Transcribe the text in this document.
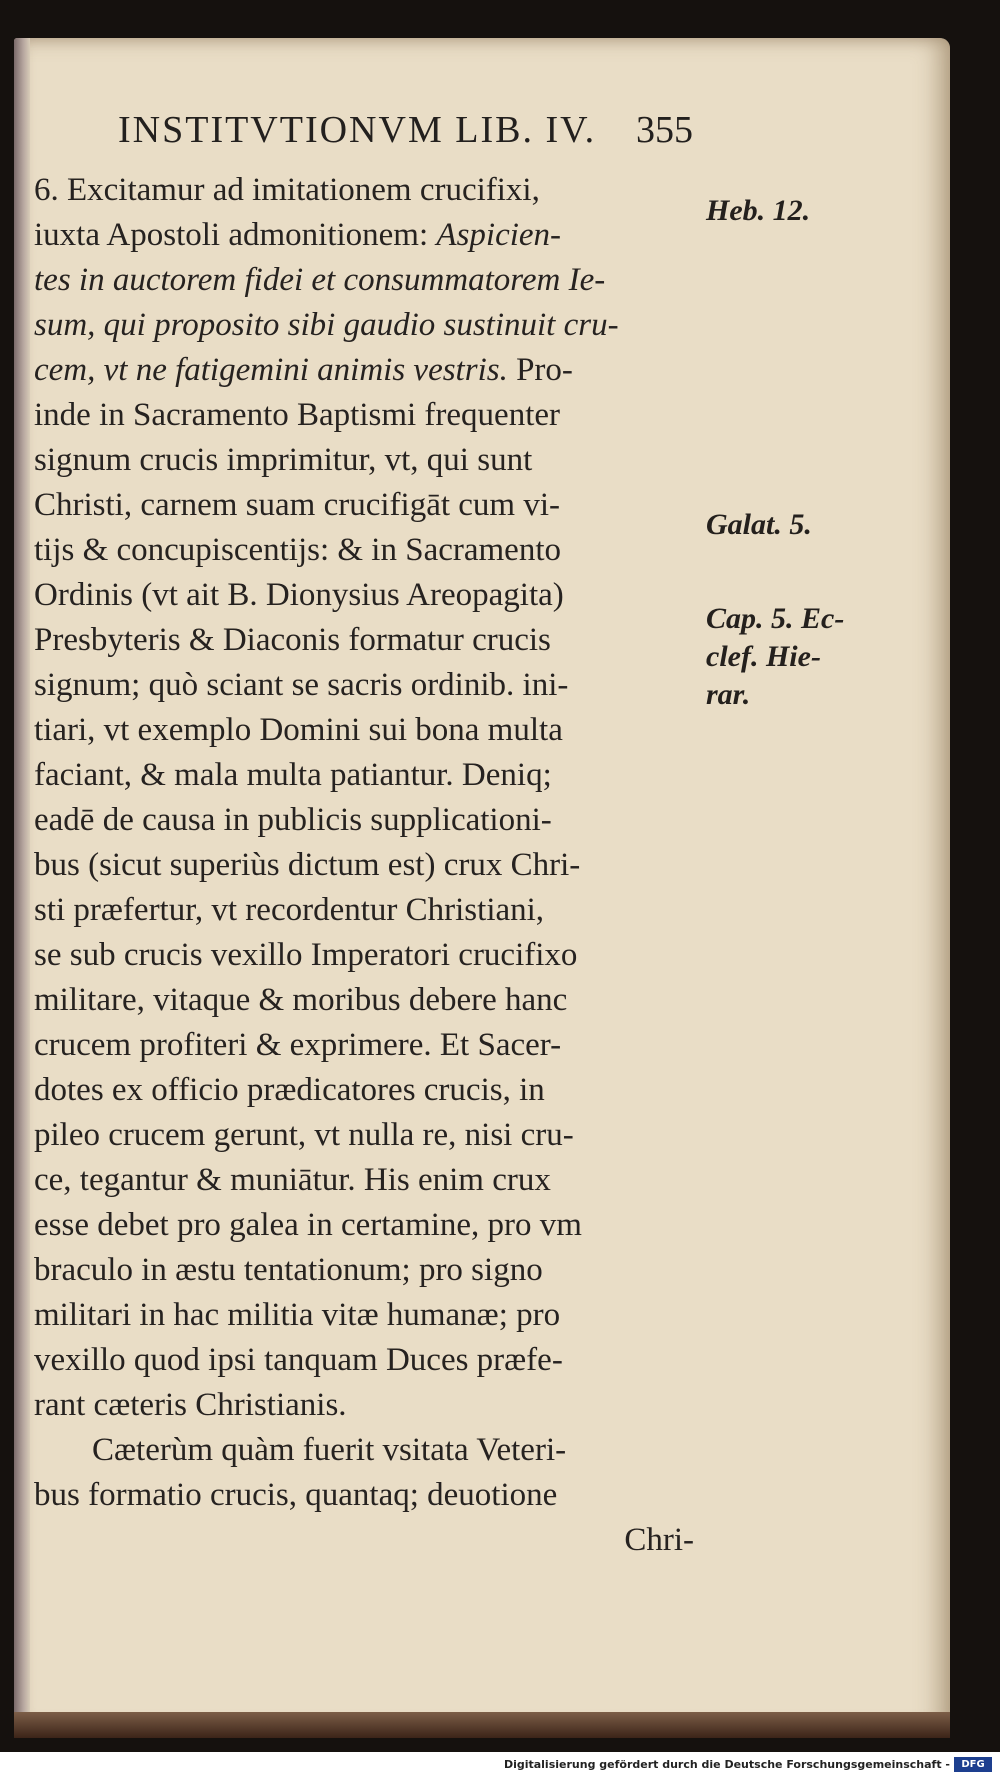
INSTITVTIONVM LIB. IV.	355
6. Excitamur ad imitationem crucifixi,
iuxta Apostoli admonitionem: Aspicien-
tes in auctorem fidei et consummatorem Ie-
sum, qui proposito sibi gaudio sustinuit cru-
cem, vt ne fatigemini animis vestris. Pro-
inde in Sacramento Baptismi frequenter
signum crucis imprimitur, vt, qui sunt
Christi, carnem suam crucifigāt cum vi-
tijs & concupiscentijs: & in Sacramento
Ordinis (vt ait B. Dionysius Areopagita)
Presbyteris & Diaconis formatur crucis
signum; quò sciant se sacris ordinib. ini-
tiari, vt exemplo Domini sui bona multa
faciant, & mala multa patiantur. Deniq;
eadē de causa in publicis supplicationi-
bus (sicut superiùs dictum est) crux Chri-
sti præfertur, vt recordentur Christiani,
se sub crucis vexillo Imperatori crucifixo
militare, vitaque & moribus debere hanc
crucem profiteri & exprimere. Et Sacer-
dotes ex officio prædicatores crucis, in
pileo crucem gerunt, vt nulla re, nisi cru-
ce, tegantur & muniātur. His enim crux
esse debet pro galea in certamine, pro vm
braculo in æstu tentationum; pro signo
militari in hac militia vitæ humanæ; pro
vexillo quod ipsi tanquam Duces præfe-
rant cæteris Christianis.
Cæterùm quàm fuerit vsitata Veteri-
bus formatio crucis, quantaq; deuotione
Chri-
Heb. 12.
Galat. 5.
Cap. 5. Ec-
clef. Hie-
rar.
Digitalisierung gefördert durch die Deutsche Forschungsgemeinschaft -	DFG
